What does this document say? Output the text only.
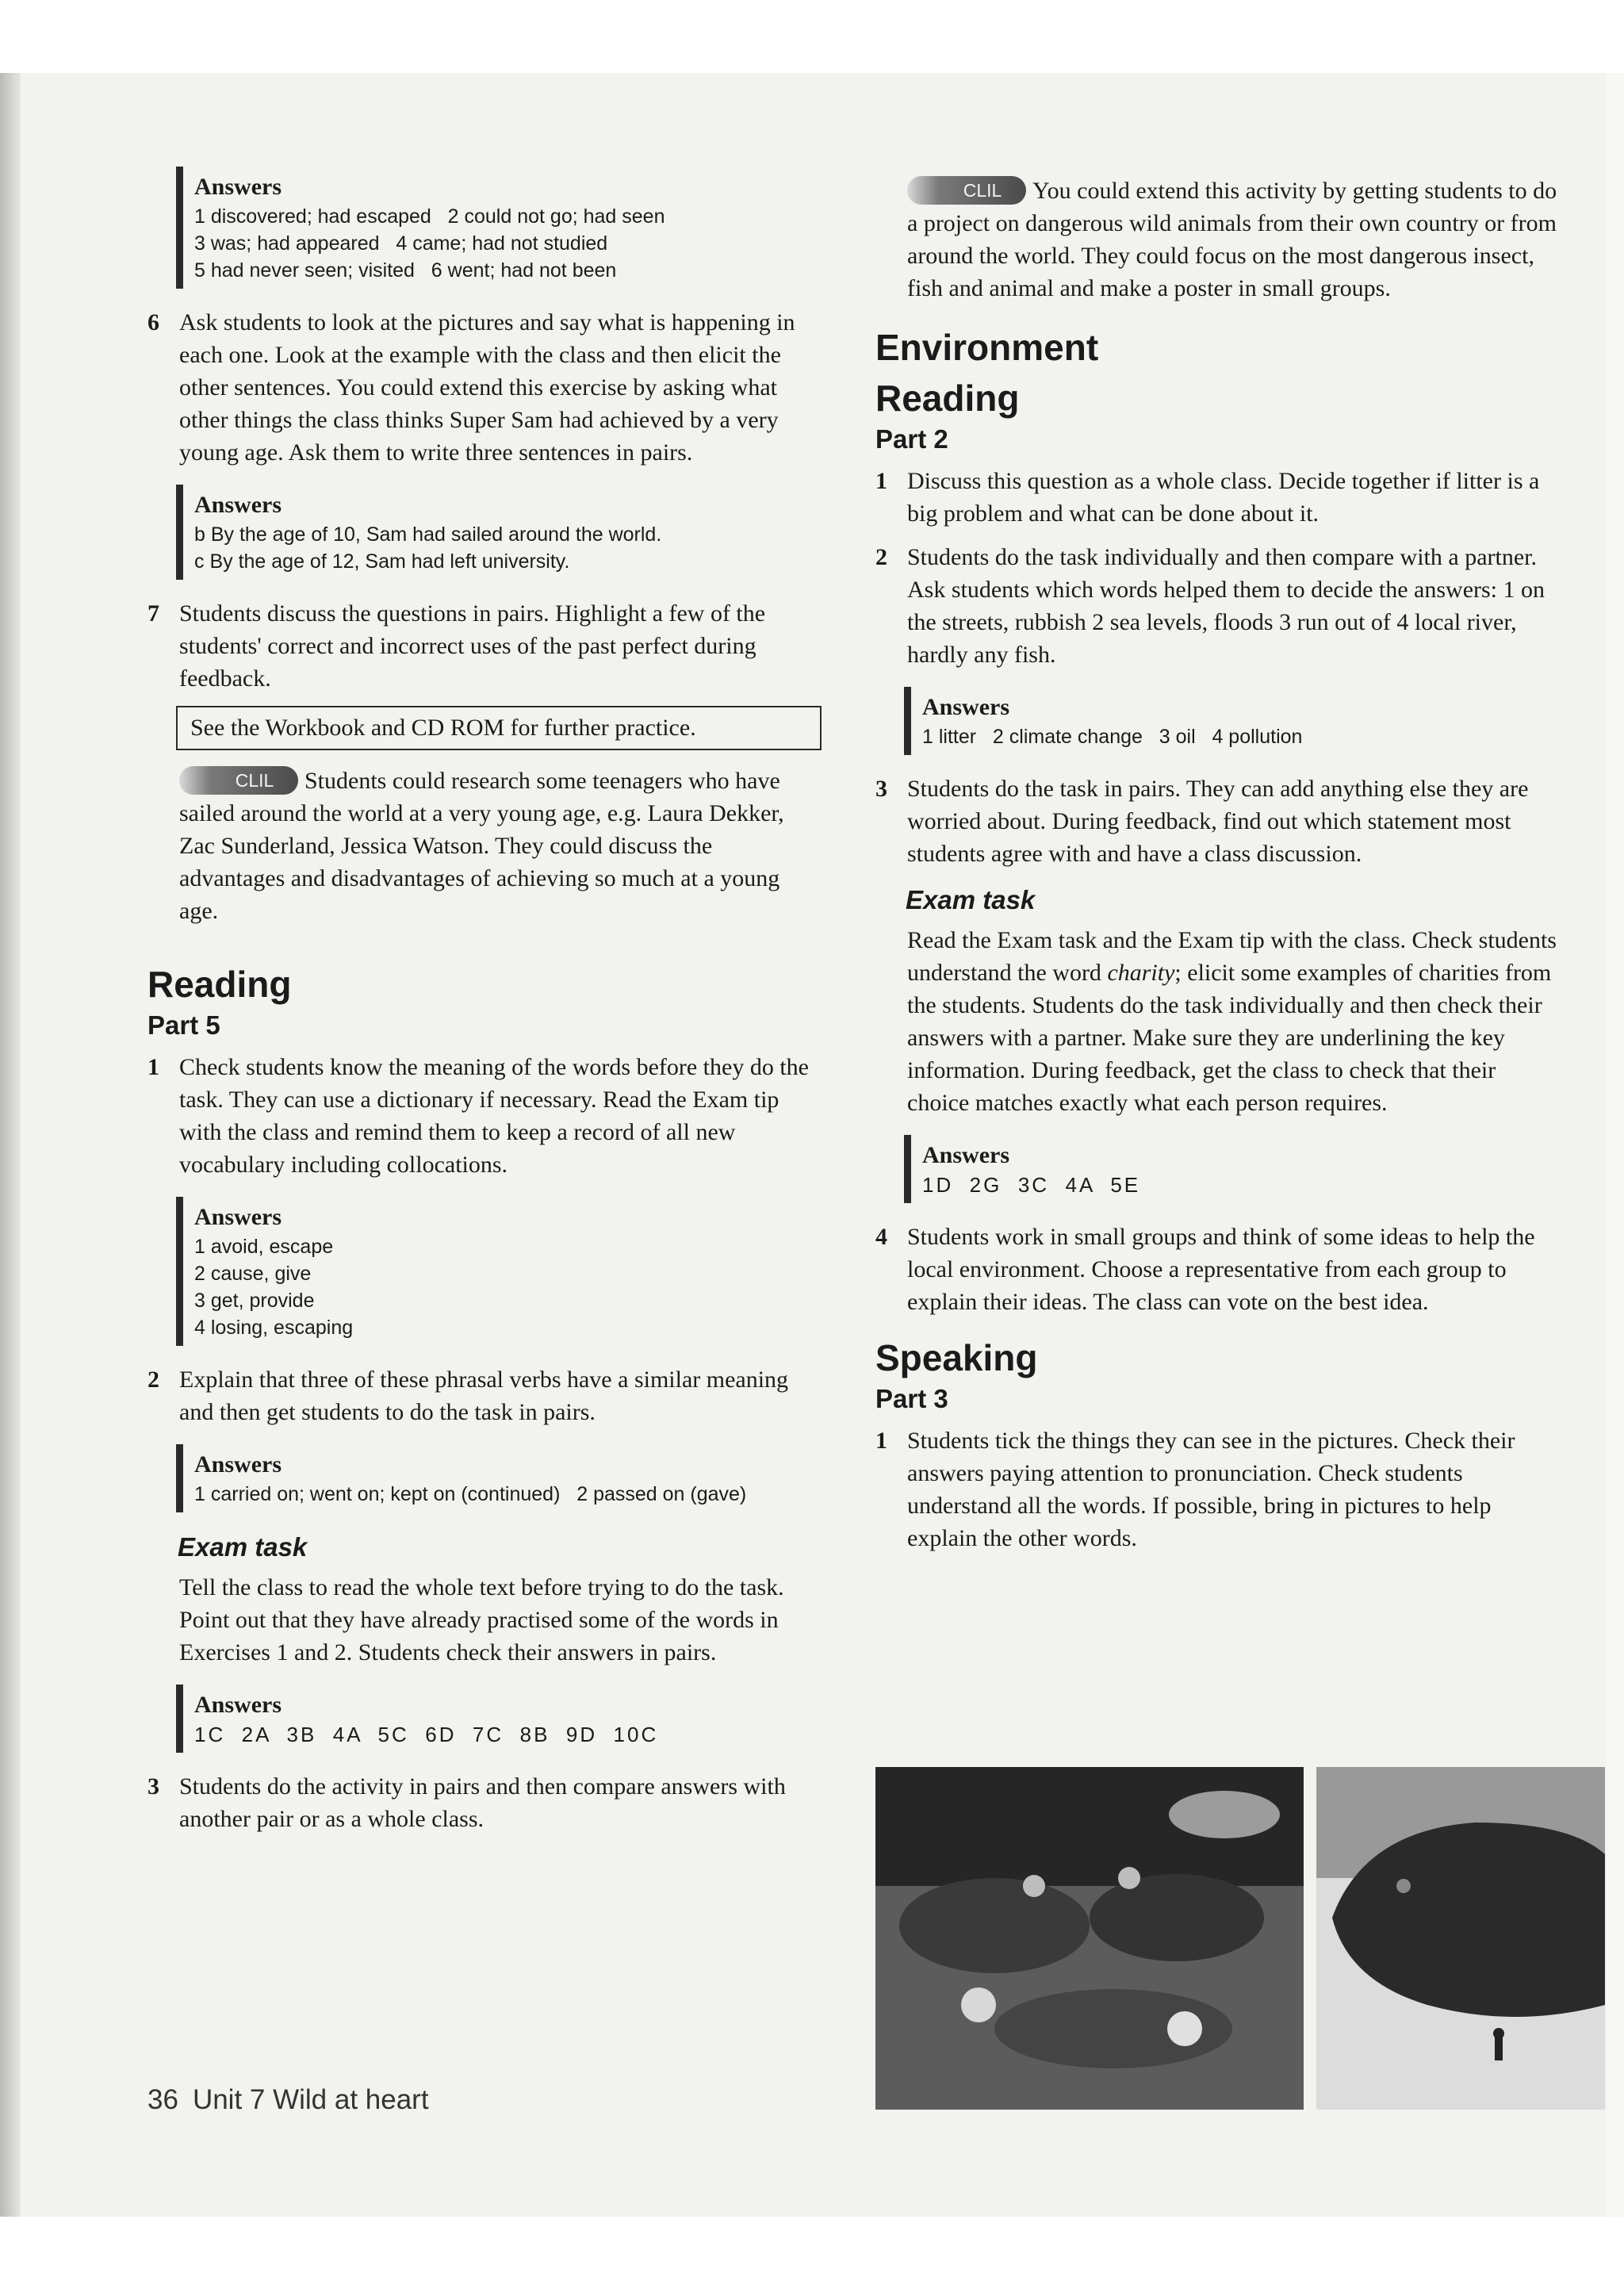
Answers
1 discovered; had escaped   2 could not go; had seen
3 was; had appeared   4 came; had not studied
5 had never seen; visited   6 went; had not been
6 Ask students to look at the pictures and say what is happening in each one. Look at the example with the class and then elicit the other sentences. You could extend this exercise by asking what other things the class thinks Super Sam had achieved by a very young age. Ask them to write three sentences in pairs.
Answers
b By the age of 10, Sam had sailed around the world.
c By the age of 12, Sam had left university.
7 Students discuss the questions in pairs. Highlight a few of the students' correct and incorrect uses of the past perfect during feedback.
See the Workbook and CD ROM for further practice.

CLIL Students could research some teenagers who have sailed around the world at a very young age, e.g. Laura Dekker, Zac Sunderland, Jessica Watson. They could discuss the advantages and disadvantages of achieving so much at a young age.

Reading
Part 5
1 Check students know the meaning of the words before they do the task. They can use a dictionary if necessary. Read the Exam tip with the class and remind them to keep a record of all new vocabulary including collocations.
Answers
1 avoid, escape
2 cause, give
3 get, provide
4 losing, escaping
2 Explain that three of these phrasal verbs have a similar meaning and then get students to do the task in pairs.
Answers
1 carried on; went on; kept on (continued)   2 passed on (gave)
Exam task

Tell the class to read the whole text before trying to do the task. Point out that they have already practised some of the words in Exercises 1 and 2. Students check their answers in pairs.

Answers
1C  2A  3B  4A  5C  6D  7C  8B  9D  10C
3 Students do the activity in pairs and then compare answers with another pair or as a whole class.

CLIL You could extend this activity by getting students to do a project on dangerous wild animals from their own country or from around the world. They could focus on the most dangerous insect, fish and animal and make a poster in small groups.

Environment
Reading
Part 2
1 Discuss this question as a whole class. Decide together if litter is a big problem and what can be done about it.
2 Students do the task individually and then compare with a partner. Ask students which words helped them to decide the answers: 1 on the streets, rubbish 2 sea levels, floods 3 run out of 4 local river, hardly any fish.
Answers
1 litter   2 climate change   3 oil   4 pollution
3 Students do the task in pairs. They can add anything else they are worried about. During feedback, find out which statement most students agree with and have a class discussion.
Exam task

Read the Exam task and the Exam tip with the class. Check students understand the word charity; elicit some examples of charities from the students. Students do the task individually and then check their answers with a partner. Make sure they are underlining the key information. During feedback, get the class to check that their choice matches exactly what each person requires.

Answers
1D  2G  3C  4A  5E
4 Students work in small groups and think of some ideas to help the local environment. Choose a representative from each group to explain their ideas. The class can vote on the best idea.
Speaking
Part 3
1 Students tick the things they can see in the pictures. Check their answers paying attention to pronunciation. Check students understand all the words. If possible, bring in pictures to help explain the other words.
36 Unit 7 Wild at heart
